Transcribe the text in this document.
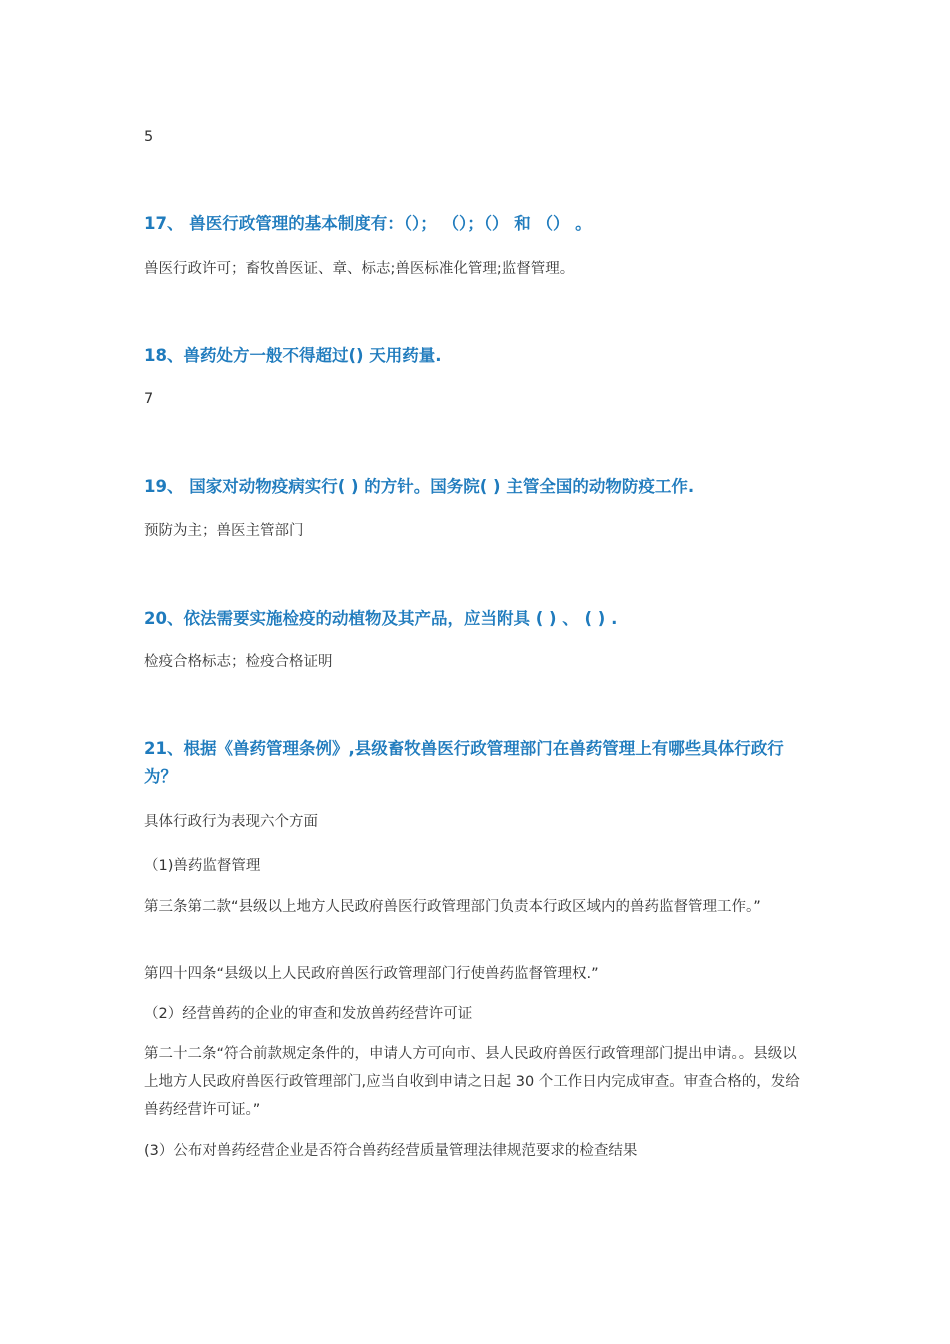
5
17、 兽医行政管理的基本制度有：（）； （）；（） 和 （） 。
兽医行政许可；畜牧兽医证、章、标志;兽医标准化管理;监督管理。
18、兽药处方一般不得超过() 天用药量.
7
19、 国家对动物疫病实行( ) 的方针。国务院( ) 主管全国的动物防疫工作.
预防为主；兽医主管部门
20、依法需要实施检疫的动植物及其产品，应当附具 ( ) 、 ( ) .
检疫合格标志；检疫合格证明
21、根据《兽药管理条例》,县级畜牧兽医行政管理部门在兽药管理上有哪些具体行政行为？
具体行政行为表现六个方面
（1)兽药监督管理
第三条第二款“县级以上地方人民政府兽医行政管理部门负责本行政区域内的兽药监督管理工作。”
第四十四条“县级以上人民政府兽医行政管理部门行使兽药监督管理权.”
（2）经营兽药的企业的审查和发放兽药经营许可证
第二十二条“符合前款规定条件的，申请人方可向市、县人民政府兽医行政管理部门提出申请。。县级以上地方人民政府兽医行政管理部门,应当自收到申请之日起 30 个工作日内完成审查。审查合格的，发给兽药经营许可证。”
(3）公布对兽药经营企业是否符合兽药经营质量管理法律规范要求的检查结果
